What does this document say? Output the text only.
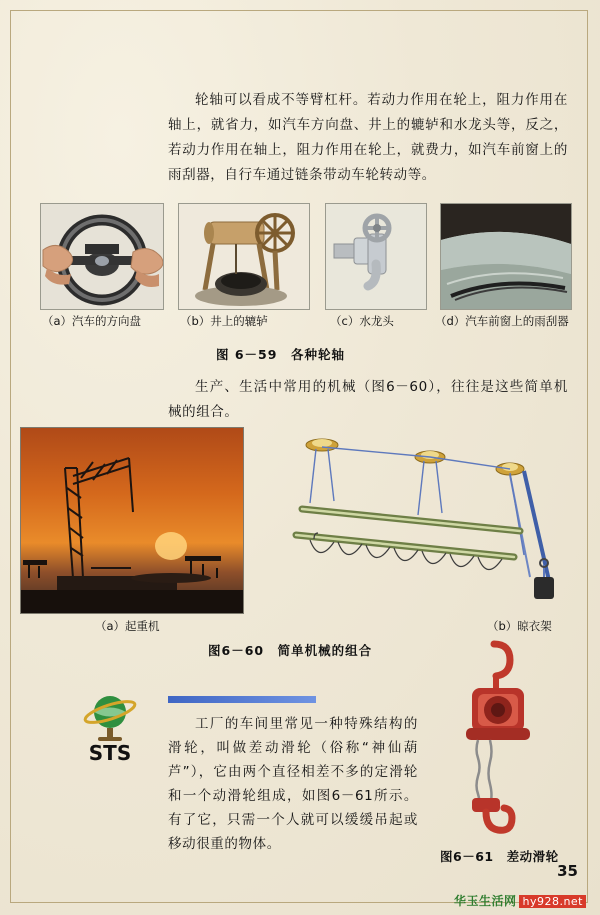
轮轴可以看成不等臂杠杆。若动力作用在轮上，阻力作用在轴上，就省力，如汽车方向盘、井上的辘轳和水龙头等，反之，若动力作用在轴上，阻力作用在轮上，就费力，如汽车前窗上的雨刮器，自行车通过链条带动车轮转动等。
（a）汽车的方向盘	（b）井上的辘轳	（c）水龙头	（d）汽车前窗上的雨刮器
图 6－59　各种轮轴
生产、生活中常用的机械（图6－60），往往是这些简单机械的组合。
（a）起重机	（b）晾衣架
图6－60　简单机械的组合
STS
工厂的车间里常见一种特殊结构的滑轮，叫做差动滑轮（俗称“神仙葫芦”），它由两个直径相差不多的定滑轮和一个动滑轮组成，如图6－61所示。有了它，只需一个人就可以缓缓吊起或移动很重的物体。
图6－61　差动滑轮
35
华玉生活网 hy928.net
